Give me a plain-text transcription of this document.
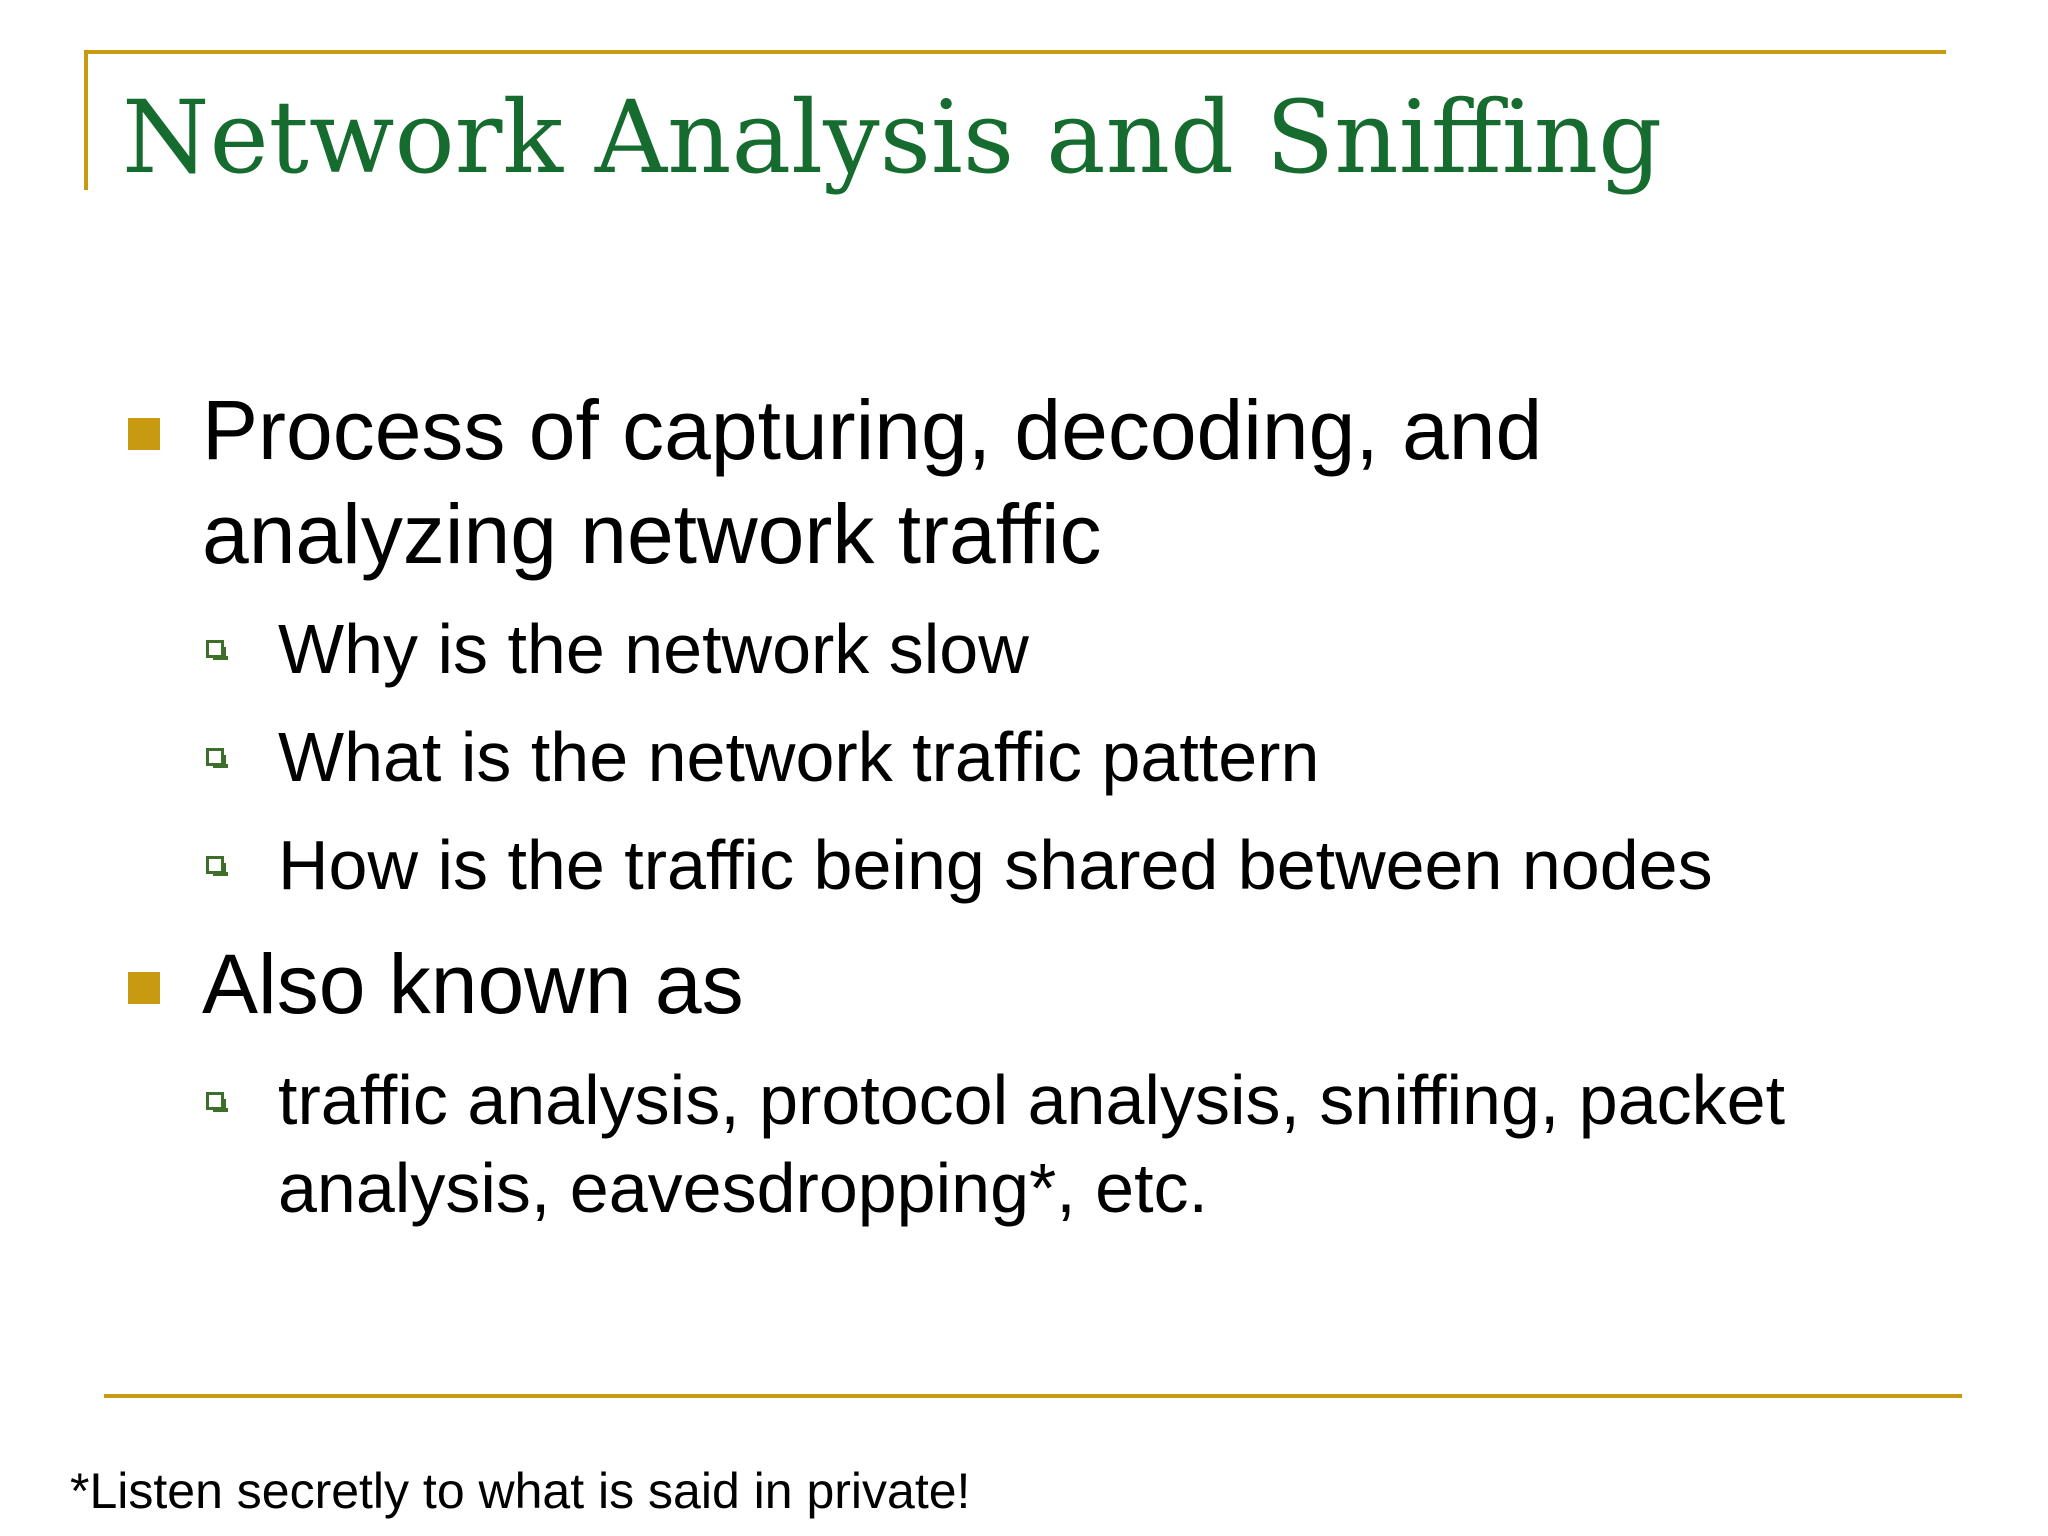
Network Analysis and Sniffing
Process of capturing, decoding, and analyzing network traffic
Why is the network slow
What is the network traffic pattern
How is the traffic being shared between nodes
Also known as
traffic analysis, protocol analysis, sniffing, packet analysis, eavesdropping*, etc.
*Listen secretly to what is said in private!
